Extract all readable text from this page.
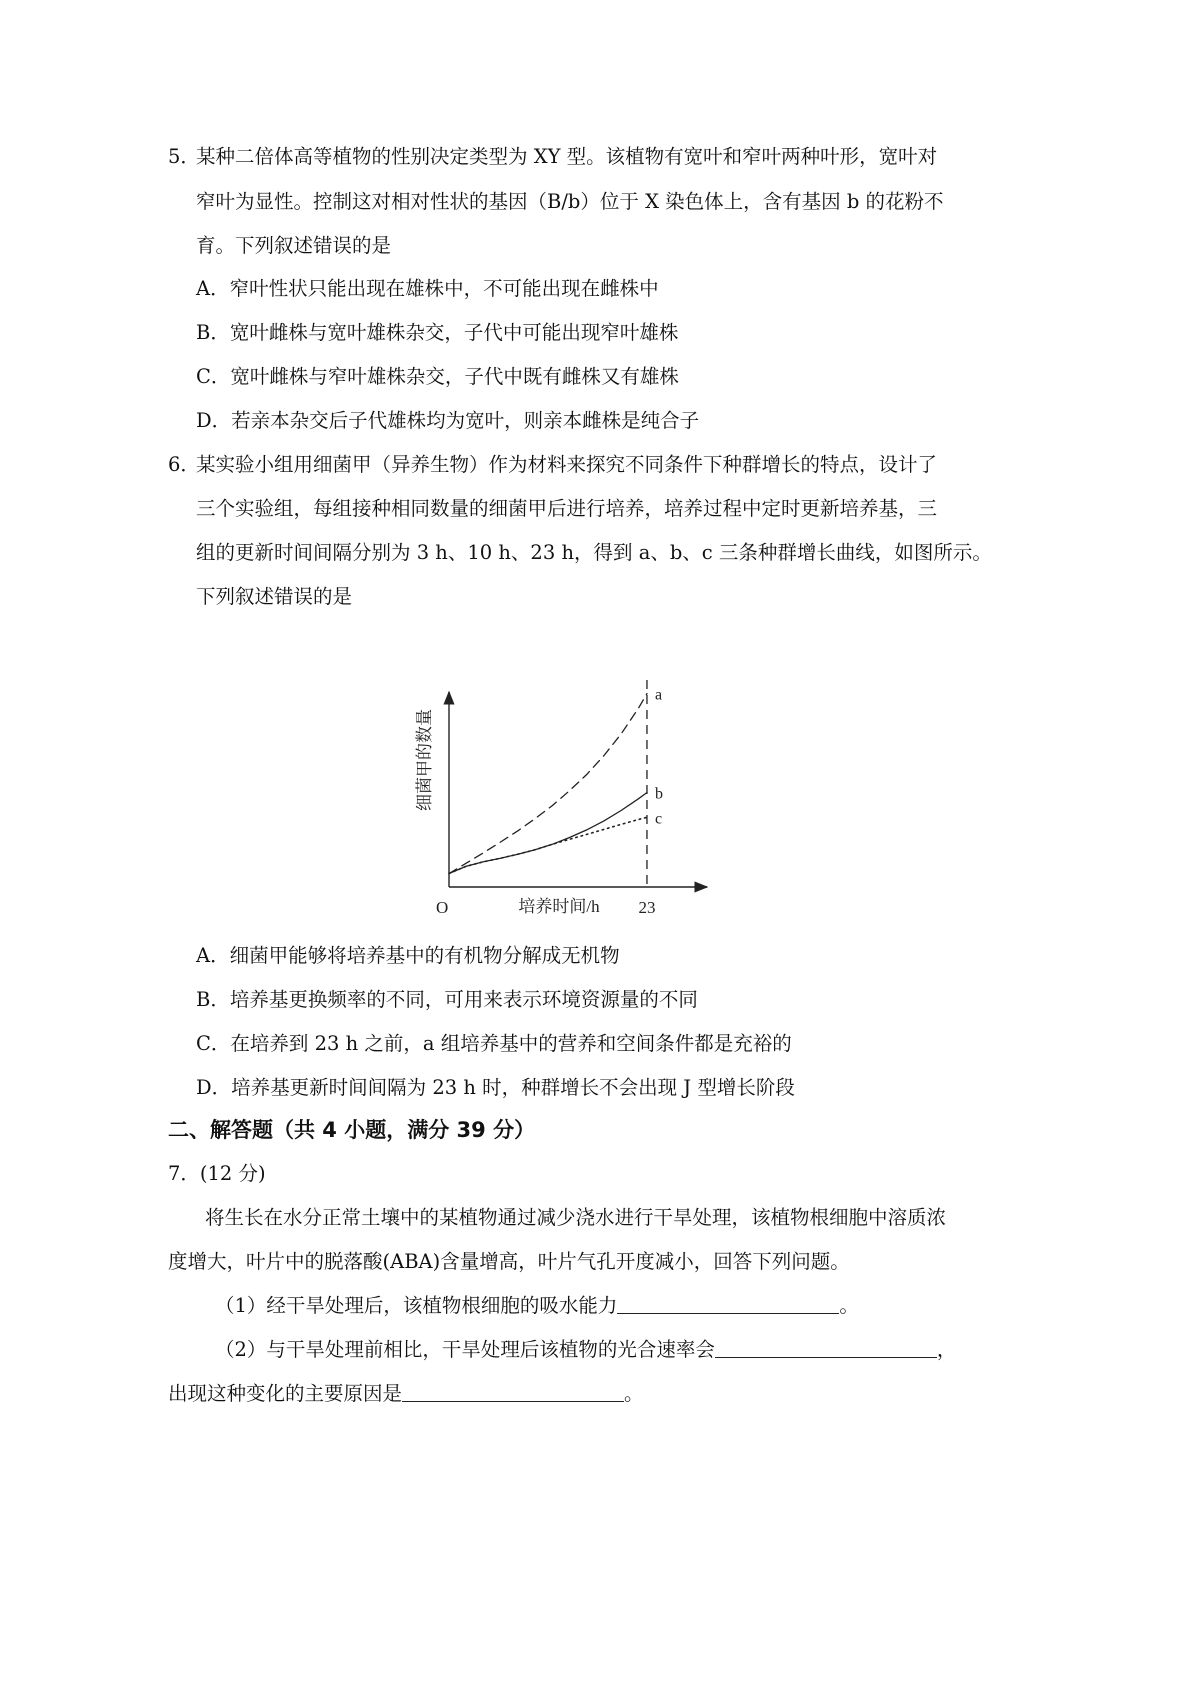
5．
某种二倍体高等植物的性别决定类型为 XY 型。该植物有宽叶和窄叶两种叶形，宽叶对
窄叶为显性。控制这对相对性状的基因（B/b）位于 X 染色体上，含有基因 b 的花粉不
育。下列叙述错误的是
A．窄叶性状只能出现在雄株中，不可能出现在雌株中
B．宽叶雌株与宽叶雄株杂交，子代中可能出现窄叶雄株
C．宽叶雌株与窄叶雄株杂交，子代中既有雌株又有雄株
D．若亲本杂交后子代雄株均为宽叶，则亲本雌株是纯合子
6．
某实验小组用细菌甲（异养生物）作为材料来探究不同条件下种群增长的特点，设计了
三个实验组，每组接种相同数量的细菌甲后进行培养，培养过程中定时更新培养基，三
组的更新时间间隔分别为 3 h、10 h、23 h，得到 a、b、c 三条种群增长曲线，如图所示。
下列叙述错误的是
a
b
c
O	23
培养时间/h
细菌甲的数量
A．细菌甲能够将培养基中的有机物分解成无机物
B．培养基更换频率的不同，可用来表示环境资源量的不同
C．在培养到 23 h 之前，a 组培养基中的营养和空间条件都是充裕的
D．培养基更新时间间隔为 23 h 时，种群增长不会出现 J 型增长阶段
二、解答题（共 4 小题，满分 39 分）
7．(12 分)
将生长在水分正常土壤中的某植物通过减少浇水进行干旱处理，该植物根细胞中溶质浓
度增大，叶片中的脱落酸(ABA)含量增高，叶片气孔开度减小，回答下列问题。
（1）经干旱处理后，该植物根细胞的吸水能力	。
（2）与干旱处理前相比，干旱处理后该植物的光合速率会	，
出现这种变化的主要原因是	。
